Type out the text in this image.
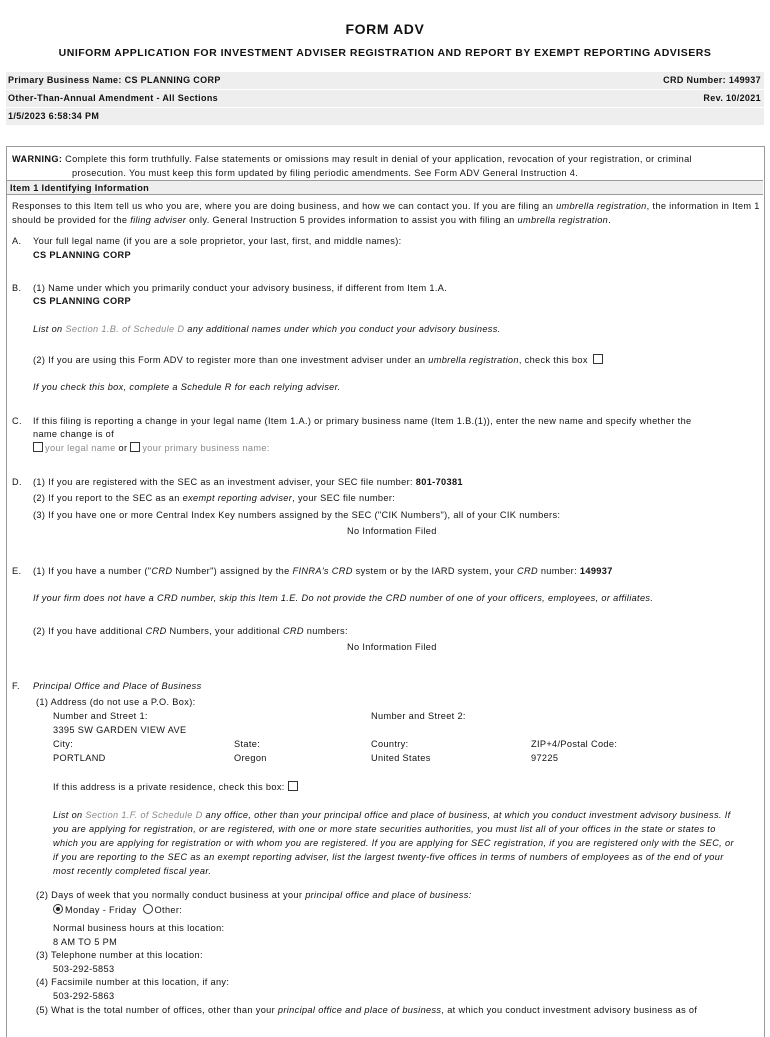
FORM ADV
UNIFORM APPLICATION FOR INVESTMENT ADVISER REGISTRATION AND REPORT BY EXEMPT REPORTING ADVISERS
Primary Business Name: CS PLANNING CORP	CRD Number: 149937
Other-Than-Annual Amendment - All Sections	Rev. 10/2021
1/5/2023 6:58:34 PM
WARNING: Complete this form truthfully. False statements or omissions may result in denial of your application, revocation of your registration, or criminal
prosecution. You must keep this form updated by filing periodic amendments. See Form ADV General Instruction 4.
Item 1 Identifying Information
Responses to this Item tell us who you are, where you are doing business, and how we can contact you. If you are filing an umbrella registration, the information in Item 1 should be provided for the filing adviser only. General Instruction 5 provides information to assist you with filing an umbrella registration.
A. Your full legal name (if you are a sole proprietor, your last, first, and middle names):
CS PLANNING CORP
B. (1) Name under which you primarily conduct your advisory business, if different from Item 1.A.
CS PLANNING CORP
List on Section 1.B. of Schedule D any additional names under which you conduct your advisory business.
(2) If you are using this Form ADV to register more than one investment adviser under an umbrella registration, check this box
If you check this box, complete a Schedule R for each relying adviser.
C. If this filing is reporting a change in your legal name (Item 1.A.) or primary business name (Item 1.B.(1)), enter the new name and specify whether the
name change is of
your legal name or your primary business name:
D. (1) If you are registered with the SEC as an investment adviser, your SEC file number: 801-70381
(2) If you report to the SEC as an exempt reporting adviser, your SEC file number:
(3) If you have one or more Central Index Key numbers assigned by the SEC ("CIK Numbers"), all of your CIK numbers:
No Information Filed
E. (1) If you have a number ("CRD Number") assigned by the FINRA's CRD system or by the IARD system, your CRD number: 149937
If your firm does not have a CRD number, skip this Item 1.E. Do not provide the CRD number of one of your officers, employees, or affiliates.
(2) If you have additional CRD Numbers, your additional CRD numbers:
No Information Filed
F. Principal Office and Place of Business
(1) Address (do not use a P.O. Box):
Number and Street 1:	Number and Street 2:
3395 SW GARDEN VIEW AVE
City:	State:	Country:	ZIP+4/Postal Code:
PORTLAND	Oregon	United States	97225
If this address is a private residence, check this box:
List on Section 1.F. of Schedule D any office, other than your principal office and place of business, at which you conduct investment advisory business. If
you are applying for registration, or are registered, with one or more state securities authorities, you must list all of your offices in the state or states to
which you are applying for registration or with whom you are registered. If you are applying for SEC registration, if you are registered only with the SEC, or
if you are reporting to the SEC as an exempt reporting adviser, list the largest twenty-five offices in terms of numbers of employees as of the end of your
most recently completed fiscal year.
(2) Days of week that you normally conduct business at your principal office and place of business:
Monday - Friday Other:
Normal business hours at this location:
8 AM TO 5 PM
(3) Telephone number at this location:
503-292-5853
(4) Facsimile number at this location, if any:
503-292-5863
(5) What is the total number of offices, other than your principal office and place of business, at which you conduct investment advisory business as of
